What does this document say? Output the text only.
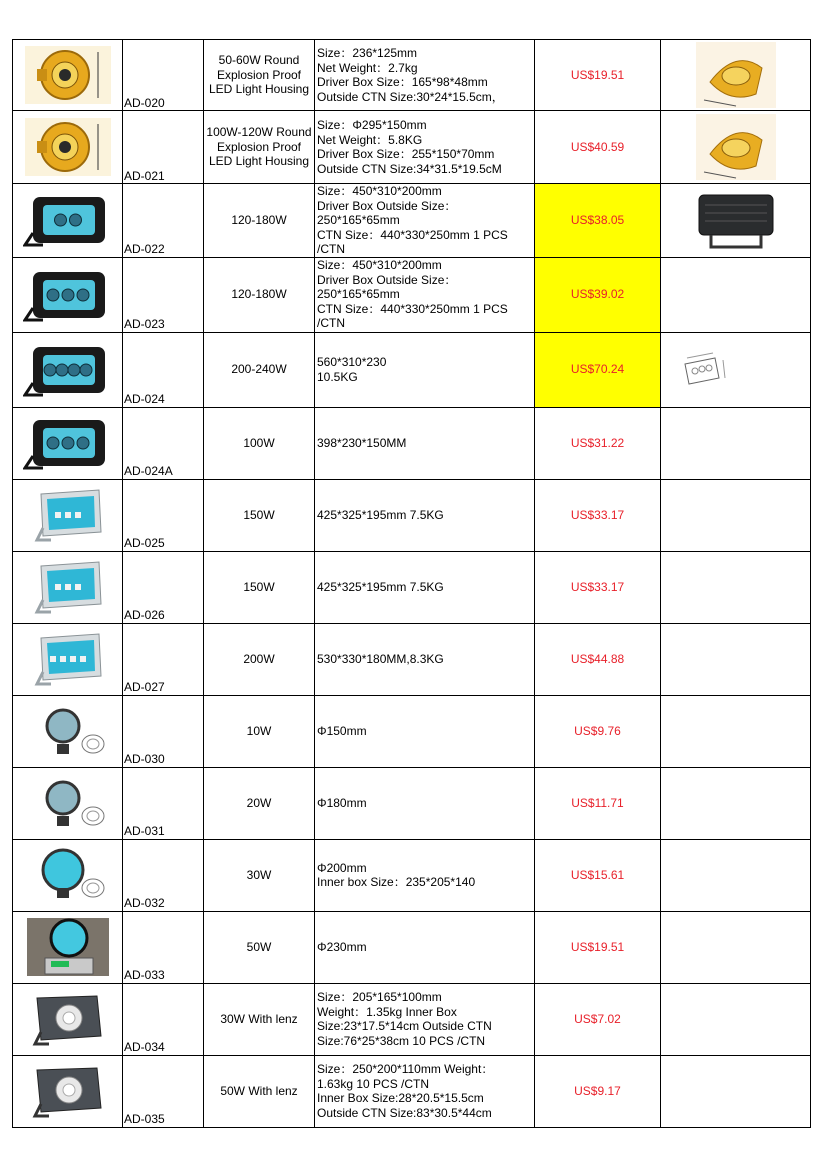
	AD-020	50-60W Round Explosion Proof LED Light Housing	Size：236*125mm
Net Weight：2.7kg
Driver Box Size：165*98*48mm
Outside CTN Size:30*24*15.5cm，	US$19.51	

	AD-021	100W-120W Round Explosion Proof LED Light Housing	Size：Φ295*150mm
Net Weight：5.8KG
Driver Box Size：255*150*70mm
Outside CTN Size:34*31.5*19.5cM	US$40.59	

	AD-022	120-180W	Size：450*310*200mm
Driver Box Outside Size：
250*165*65mm
CTN Size：440*330*250mm 1 PCS
/CTN	US$38.05	

	AD-023	120-180W	Size：450*310*200mm
Driver Box Outside Size：
250*165*65mm
CTN Size：440*330*250mm 1 PCS
/CTN	US$39.02	

	AD-024	200-240W	560*310*230
10.5KG	US$70.24	

	AD-024A	100W	398*230*150MM	US$31.22	

	AD-025	150W	425*325*195mm 7.5KG	US$33.17	

	AD-026	150W	425*325*195mm 7.5KG	US$33.17	

	AD-027	200W	530*330*180MM,8.3KG	US$44.88	

	AD-030	10W	Φ150mm	US$9.76	

	AD-031	20W	Φ180mm	US$11.71	

	AD-032	30W	Φ200mm
Inner box Size：235*205*140	US$15.61	

	AD-033	50W	Φ230mm	US$19.51	

	AD-034	30W With lenz	Size：205*165*100mm
Weight：1.35kg Inner Box
Size:23*17.5*14cm Outside CTN
Size:76*25*38cm 10 PCS /CTN	US$7.02	

	AD-035	50W With lenz	Size：250*200*110mm Weight：
1.63kg 10 PCS /CTN
Inner Box Size:28*20.5*15.5cm
Outside CTN Size:83*30.5*44cm	US$9.17	
